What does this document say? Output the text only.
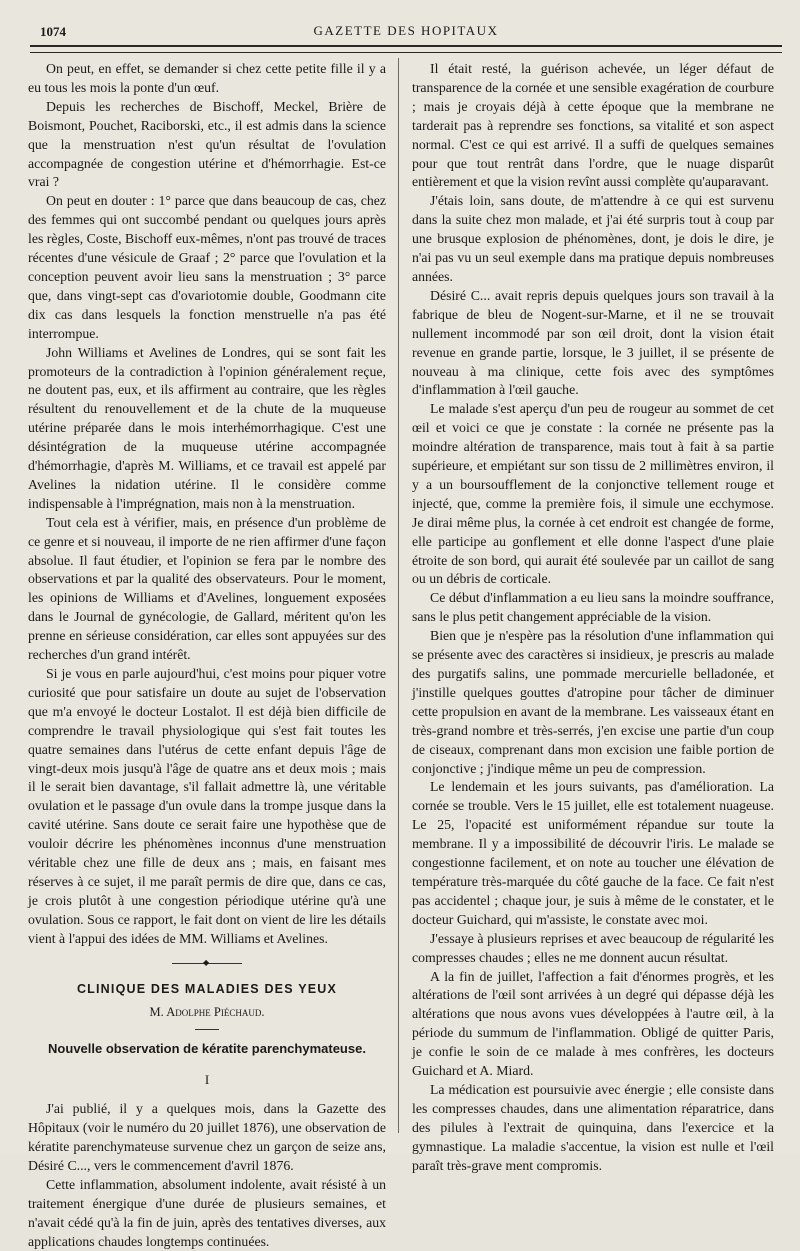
1074	GAZETTE DES HOPITAUX

On peut, en effet, se demander si chez cette petite fille il y a eu tous les mois la ponte d'un œuf.

Depuis les recherches de Bischoff, Meckel, Brière de Boismont, Pouchet, Raciborski, etc., il est admis dans la science que la menstruation n'est qu'un résultat de l'ovulation accompagnée de congestion utérine et d'hémorrhagie. Est-ce vrai ?

On peut en douter : 1° parce que dans beaucoup de cas, chez des femmes qui ont succombé pendant ou quelques jours après les règles, Coste, Bischoff eux-mêmes, n'ont pas trouvé de traces récentes d'une vésicule de Graaf ; 2° parce que l'ovulation et la conception peuvent avoir lieu sans la menstruation ; 3° parce que, dans vingt-sept cas d'ovariotomie double, Goodmann cite dix cas dans lesquels la fonction menstruelle n'a pas été interrompue.

John Williams et Avelines de Londres, qui se sont fait les promoteurs de la contradiction à l'opinion généralement reçue, ne doutent pas, eux, et ils affirment au contraire, que les règles résultent du renouvellement et de la chute de la muqueuse utérine préparée dans le mois interhémorrhagique. C'est une désintégration de la muqueuse utérine accompagnée d'hémorrhagie, d'après M. Williams, et ce travail est appelé par Avelines la nidation utérine. Il le considère comme indispensable à l'imprégnation, mais non à la menstruation.

Tout cela est à vérifier, mais, en présence d'un problème de ce genre et si nouveau, il importe de ne rien affirmer d'une façon absolue. Il faut étudier, et l'opinion se fera par le nombre des observations et par la qualité des observateurs. Pour le moment, les opinions de Williams et d'Avelines, longuement exposées dans le Journal de gynécologie, de Gallard, méritent qu'on les prenne en sérieuse considération, car elles sont appuyées sur des recherches d'un grand intérêt.

Si je vous en parle aujourd'hui, c'est moins pour piquer votre curiosité que pour satisfaire un doute au sujet de l'observation que m'a envoyé le docteur Lostalot. Il est déjà bien difficile de comprendre le travail physiologique qui s'est fait toutes les quatre semaines dans l'utérus de cette enfant depuis l'âge de vingt-deux mois jusqu'à l'âge de quatre ans et deux mois ; mais il le serait bien davantage, s'il fallait admettre là, une véritable ovulation et le passage d'un ovule dans la trompe jusque dans la cavité utérine. Sans doute ce serait faire une hypothèse que de vouloir décrire les phénomènes inconnus d'une menstruation véritable chez une fille de deux ans ; mais, en faisant mes réserves à ce sujet, il me paraît permis de dire que, dans ce cas, je crois plutôt à une congestion périodique utérine qu'à une ovulation. Sous ce rapport, le fait dont on vient de lire les détails vient à l'appui des idées de MM. Williams et Avelines.

◆
CLINIQUE DES MALADIES DES YEUX
M. Adolphe Piéchaud.
Nouvelle observation de kératite parenchymateuse.
I

J'ai publié, il y a quelques mois, dans la Gazette des Hôpitaux (voir le numéro du 20 juillet 1876), une observation de kératite parenchymateuse survenue chez un garçon de seize ans, Désiré C..., vers le commencement d'avril 1876.

Cette inflammation, absolument indolente, avait résisté à un traitement énergique d'une durée de plusieurs semaines, et n'avait cédé qu'à la fin de juin, après des tentatives diverses, aux applications chaudes longtemps continuées.

Il était resté, la guérison achevée, un léger défaut de transparence de la cornée et une sensible exagération de courbure ; mais je croyais déjà à cette époque que la membrane ne tarderait pas à reprendre ses fonctions, sa vitalité et son aspect normal. C'est ce qui est arrivé. Il a suffi de quelques semaines pour que tout rentrât dans l'ordre, que le nuage disparût entièrement et que la vision revînt aussi complète qu'auparavant.

J'étais loin, sans doute, de m'attendre à ce qui est survenu dans la suite chez mon malade, et j'ai été surpris tout à coup par une brusque explosion de phénomènes, dont, je dois le dire, je n'ai pas vu un seul exemple dans ma pratique depuis nombreuses années.

Désiré C... avait repris depuis quelques jours son travail à la fabrique de bleu de Nogent-sur-Marne, et il ne se trouvait nullement incommodé par son œil droit, dont la vision était revenue en grande partie, lorsque, le 3 juillet, il se présente de nouveau à ma clinique, cette fois avec des symptômes d'inflammation à l'œil gauche.

Le malade s'est aperçu d'un peu de rougeur au sommet de cet œil et voici ce que je constate : la cornée ne présente pas la moindre altération de transparence, mais tout à fait à sa partie supérieure, et empiétant sur son tissu de 2 millimètres environ, il y a un boursoufflement de la conjonctive tellement rouge et injecté, que, comme la première fois, il simule une ecchymose. Je dirai même plus, la cornée à cet endroit est changée de forme, elle participe au gonflement et elle donne l'aspect d'une plaie étroite de son bord, qui aurait été soulevée par un caillot de sang ou un débris de corticale.

Ce début d'inflammation a eu lieu sans la moindre souffrance, sans le plus petit changement appréciable de la vision.

Bien que je n'espère pas la résolution d'une inflammation qui se présente avec des caractères si insidieux, je prescris au malade des purgatifs salins, une pommade mercurielle belladonée, et j'instille quelques gouttes d'atropine pour tâcher de diminuer cette propulsion en avant de la membrane. Les vaisseaux étant en très-grand nombre et très-serrés, j'en excise une partie d'un coup de ciseaux, comprenant dans mon excision une faible portion de conjonctive ; j'indique même un peu de compression.

Le lendemain et les jours suivants, pas d'amélioration. La cornée se trouble. Vers le 15 juillet, elle est totalement nuageuse. Le 25, l'opacité est uniformément répandue sur toute la membrane. Il y a impossibilité de découvrir l'iris. Le malade se congestionne facilement, et on note au toucher une élévation de température très-marquée du côté gauche de la face. Ce fait n'est pas accidentel ; chaque jour, je suis à même de le constater, et le docteur Guichard, qui m'assiste, le constate avec moi.

J'essaye à plusieurs reprises et avec beaucoup de régularité les compresses chaudes ; elles ne me donnent aucun résultat.

A la fin de juillet, l'affection a fait d'énormes progrès, et les altérations de l'œil sont arrivées à un degré qui dépasse déjà les altérations que nous avons vues développées à l'autre œil, à la période du summum de l'inflammation. Obligé de quitter Paris, je confie le soin de ce malade à mes confrères, les docteurs Guichard et A. Miard.

La médication est poursuivie avec énergie ; elle consiste dans les compresses chaudes, dans une alimentation réparatrice, dans des pilules à l'extrait de quinquina, dans l'exercice et la gymnastique. La maladie s'accentue, la vision est nulle et l'œil paraît très-grave ment compromis.
